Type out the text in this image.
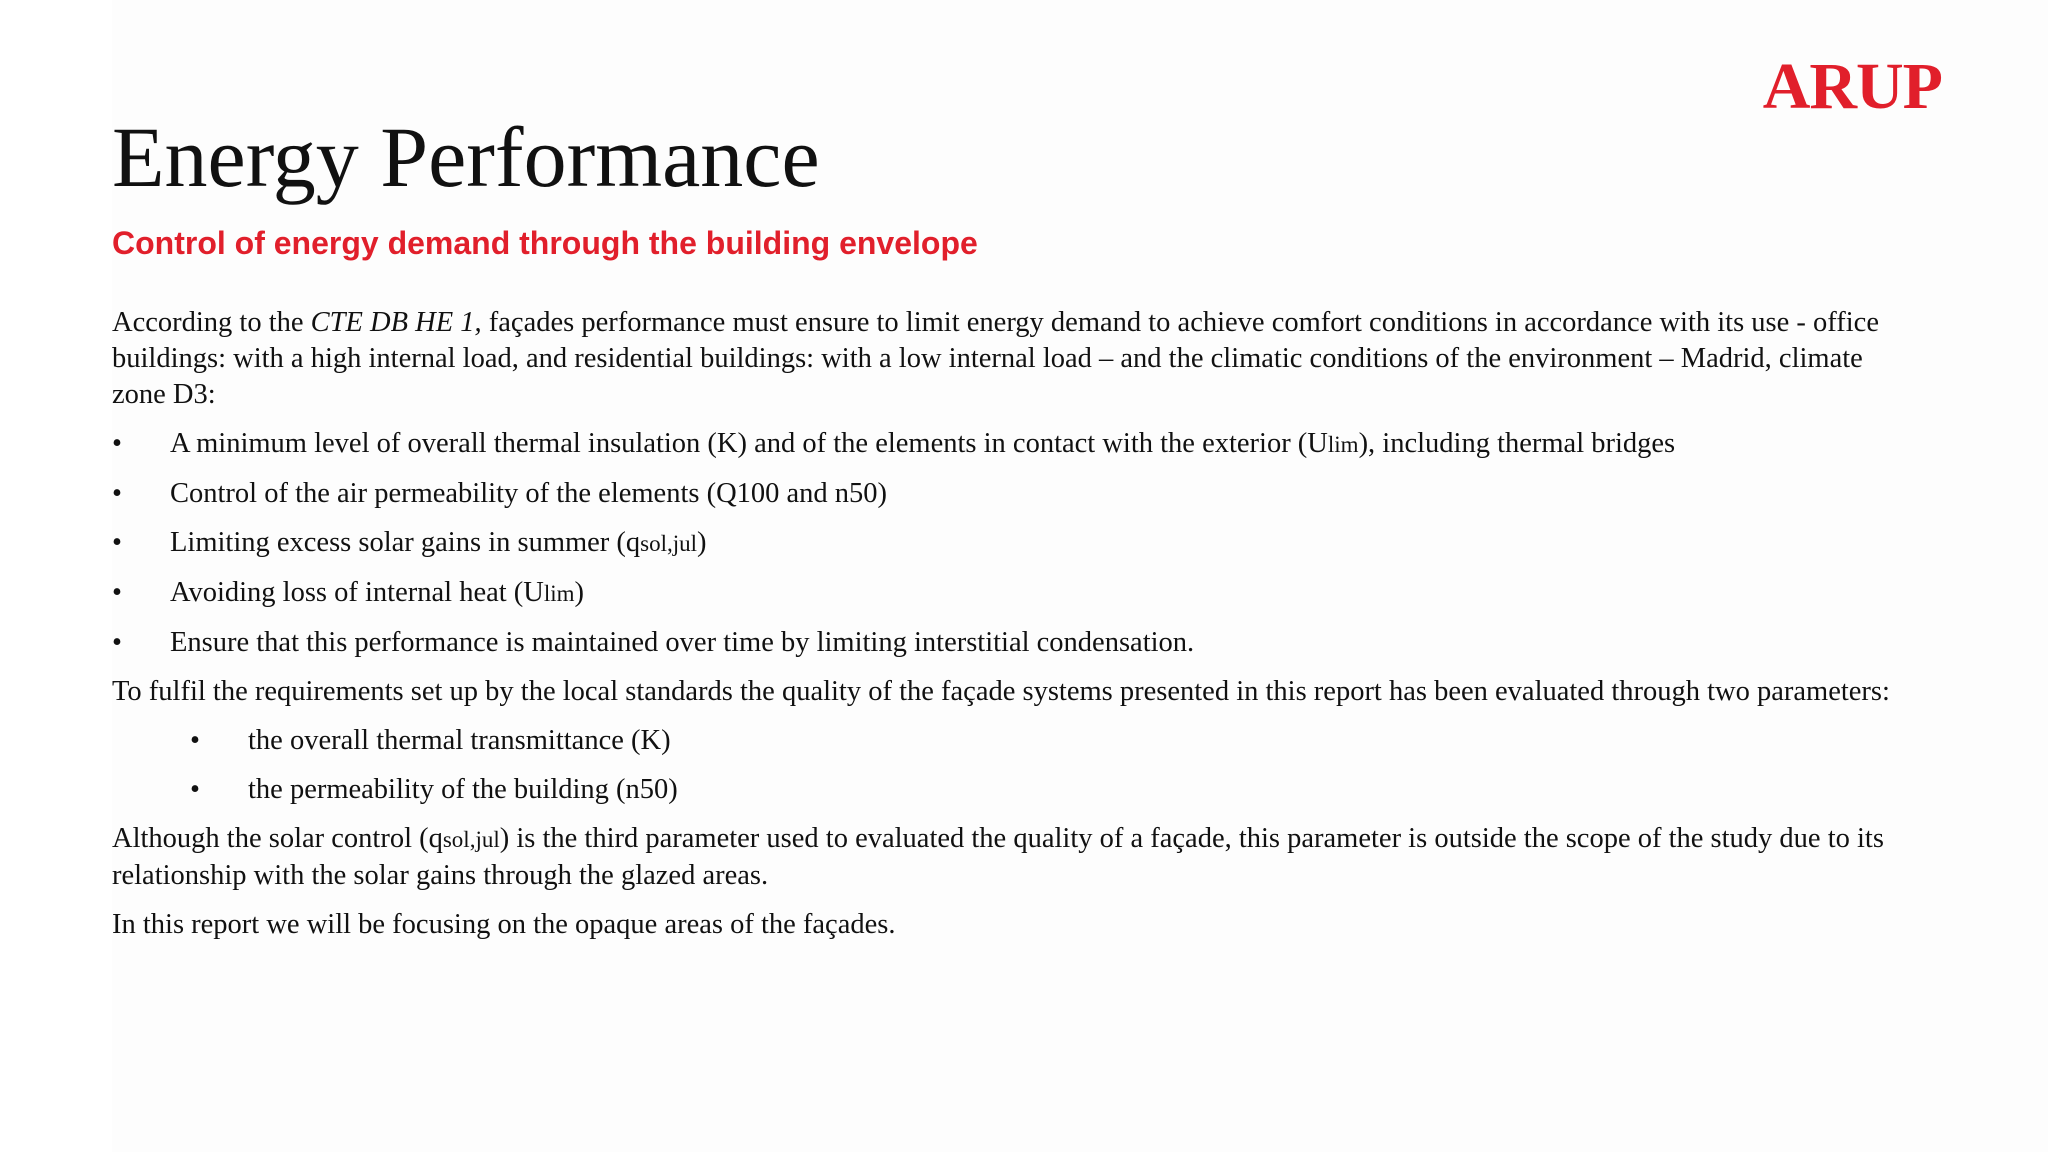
ARUP
Energy Performance
Control of energy demand through the building envelope

According to the CTE DB HE 1, façades performance must ensure to limit energy demand to achieve comfort conditions in accordance with its use - office buildings: with a high internal load, and residential buildings: with a low internal load – and the climatic conditions of the environment – Madrid, climate zone D3:

• A minimum level of overall thermal insulation (K) and of the elements in contact with the exterior (Ulim), including thermal bridges
• Control of the air permeability of the elements (Q100 and n50)
• Limiting excess solar gains in summer (qsol,jul)
• Avoiding loss of internal heat (Ulim)
• Ensure that this performance is maintained over time by limiting interstitial condensation.

To fulfil the requirements set up by the local standards the quality of the façade systems presented in this report has been evaluated through two parameters:

• the overall thermal transmittance (K)
• the permeability of the building (n50)

Although the solar control (qsol,jul) is the third parameter used to evaluated the quality of a façade, this parameter is outside the scope of the study due to its relationship with the solar gains through the glazed areas.

In this report we will be focusing on the opaque areas of the façades.
